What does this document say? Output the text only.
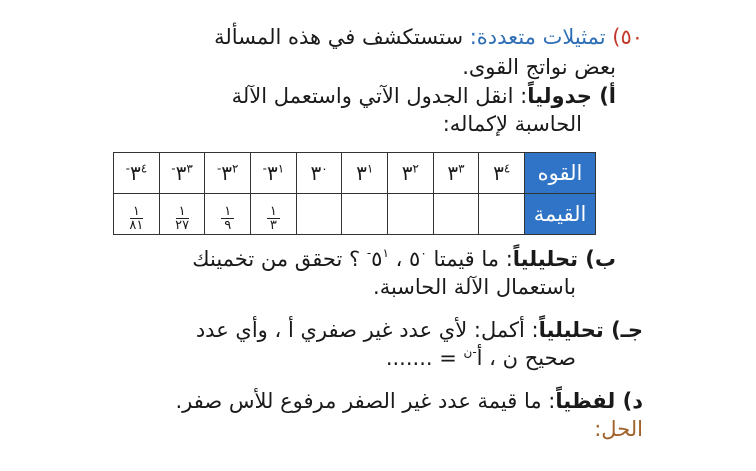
٥٠) تمثيلات متعددة: ستستكشف في هذه المسألة
بعض نواتج القوى.
أ) جدولياً: انقل الجدول الآتي واستعمل الآلة
الحاسبة لإكماله:
القوه	$٣^٤$	$٣^٣$	$٣^٢$	$٣^١$	$٣^٠$	$٣^{١-}$	$٣^{٢-}$	$٣^{٣-}$	$٣^{٤-}$
القيمة						$\frac{١}{٣}$	$\frac{١}{٩}$	$\frac{١}{٢٧}$	$\frac{١}{٨١}$
ب) تحليلياً: ما قيمتا $٥^٠$ ، $٥^{١-}$ ؟ تحقق من تخمينك
باستعمال الآلة الحاسبة.
جـ) تحليلياً: أكمل: لأي عدد غير صفري أ ، وأي عدد
صحيح ن ، أ$^{-ن}$ = .......
د) لفظياً: ما قيمة عدد غير الصفر مرفوع للأس صفر.
الحل:
